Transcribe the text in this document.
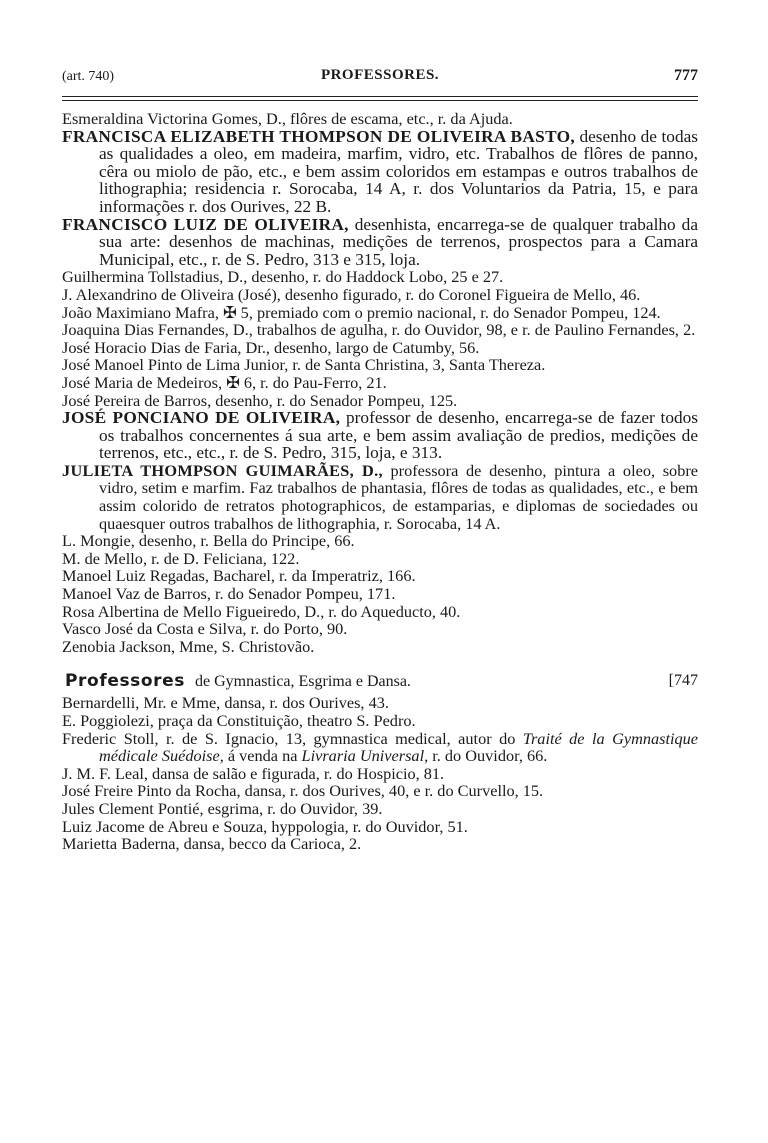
(art. 740)	PROFESSORES.	777
Esmeraldina Victorina Gomes, D., flôres de escama, etc., r. da Ajuda.
FRANCISCA ELIZABETH THOMPSON DE OLIVEIRA BASTO, desenho de todas as qualidades a oleo, em madeira, marfim, vidro, etc. Trabalhos de flôres de panno, cêra ou miolo de pão, etc., e bem assim coloridos em estampas e outros trabalhos de lithographia; residencia r. Sorocaba, 14 A, r. dos Voluntarios da Patria, 15, e para informações r. dos Ourives, 22 B.
FRANCISCO LUIZ DE OLIVEIRA, desenhista, encarrega-se de qualquer trabalho da sua arte: desenhos de machinas, medições de terrenos, prospectos para a Camara Municipal, etc., r. de S. Pedro, 313 e 315, loja.
Guilhermina Tollstadius, D., desenho, r. do Haddock Lobo, 25 e 27.
J. Alexandrino de Oliveira (José), desenho figurado, r. do Coronel Figueira de Mello, 46.
João Maximiano Mafra, ✠ 5, premiado com o premio nacional, r. do Senador Pompeu, 124.
Joaquina Dias Fernandes, D., trabalhos de agulha, r. do Ouvidor, 98, e r. de Paulino Fernandes, 2.
José Horacio Dias de Faria, Dr., desenho, largo de Catumby, 56.
José Manoel Pinto de Lima Junior, r. de Santa Christina, 3, Santa Thereza.
José Maria de Medeiros, ✠ 6, r. do Pau-Ferro, 21.
José Pereira de Barros, desenho, r. do Senador Pompeu, 125.
JOSÉ PONCIANO DE OLIVEIRA, professor de desenho, encarrega-se de fazer todos os trabalhos concernentes á sua arte, e bem assim avaliação de predios, medições de terrenos, etc., etc., r. de S. Pedro, 315, loja, e 313.
JULIETA THOMPSON GUIMARÃES, D., professora de desenho, pintura a oleo, sobre vidro, setim e marfim. Faz trabalhos de phantasia, flôres de todas as qualidades, etc., e bem assim colorido de retratos photographicos, de estamparias, e diplomas de sociedades ou quaesquer outros trabalhos de lithographia, r. Sorocaba, 14 A.
L. Mongie, desenho, r. Bella do Principe, 66.
M. de Mello, r. de D. Feliciana, 122.
Manoel Luiz Regadas, Bacharel, r. da Imperatriz, 166.
Manoel Vaz de Barros, r. do Senador Pompeu, 171.
Rosa Albertina de Mello Figueiredo, D., r. do Aqueducto, 40.
Vasco José da Costa e Silva, r. do Porto, 90.
Zenobia Jackson, Mme, S. Christovão.
Professores de Gymnastica, Esgrima e Dansa.	[747
Bernardelli, Mr. e Mme, dansa, r. dos Ourives, 43.
E. Poggiolezi, praça da Constituição, theatro S. Pedro.
Frederic Stoll, r. de S. Ignacio, 13, gymnastica medical, autor do Traité de la Gymnastique médicale Suédoise, á venda na Livraria Universal, r. do Ouvidor, 66.
J. M. F. Leal, dansa de salão e figurada, r. do Hospicio, 81.
José Freire Pinto da Rocha, dansa, r. dos Ourives, 40, e r. do Curvello, 15.
Jules Clement Pontié, esgrima, r. do Ouvidor, 39.
Luiz Jacome de Abreu e Souza, hyppologia, r. do Ouvidor, 51.
Marietta Baderna, dansa, becco da Carioca, 2.
